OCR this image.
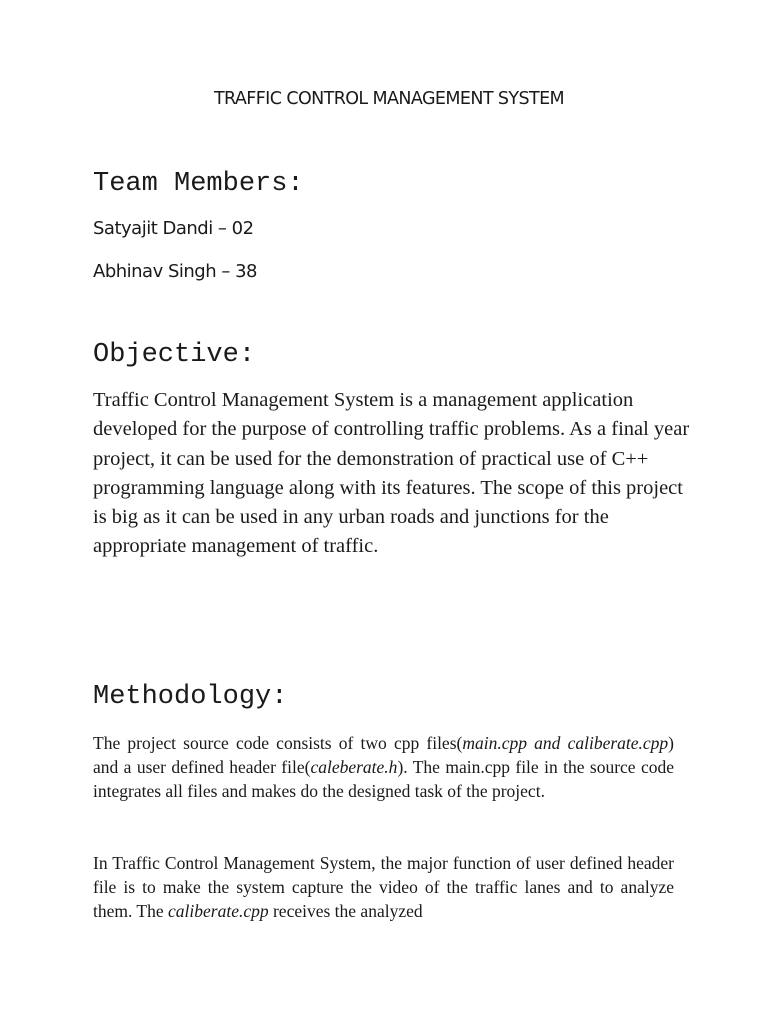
TRAFFIC CONTROL MANAGEMENT SYSTEM
Team Members:
Satyajit Dandi – 02
Abhinav Singh – 38
Objective:

Traffic Control Management System is a management application developed for the purpose of controlling traffic problems. As a final year project, it can be used for the demonstration of practical use of C++ programming language along with its features. The scope of this project is big as it can be used in any urban roads and junctions for the appropriate management of traffic.

Methodology:

The project source code consists of two cpp files(main.cpp and caliberate.cpp) and a user defined header file(caleberate.h). The main.cpp file in the source code integrates all files and makes do the designed task of the project.

In Traffic Control Management System, the major function of user defined header file is to make the system capture the video of the traffic lanes and to analyze them. The caliberate.cpp receives the analyzed
